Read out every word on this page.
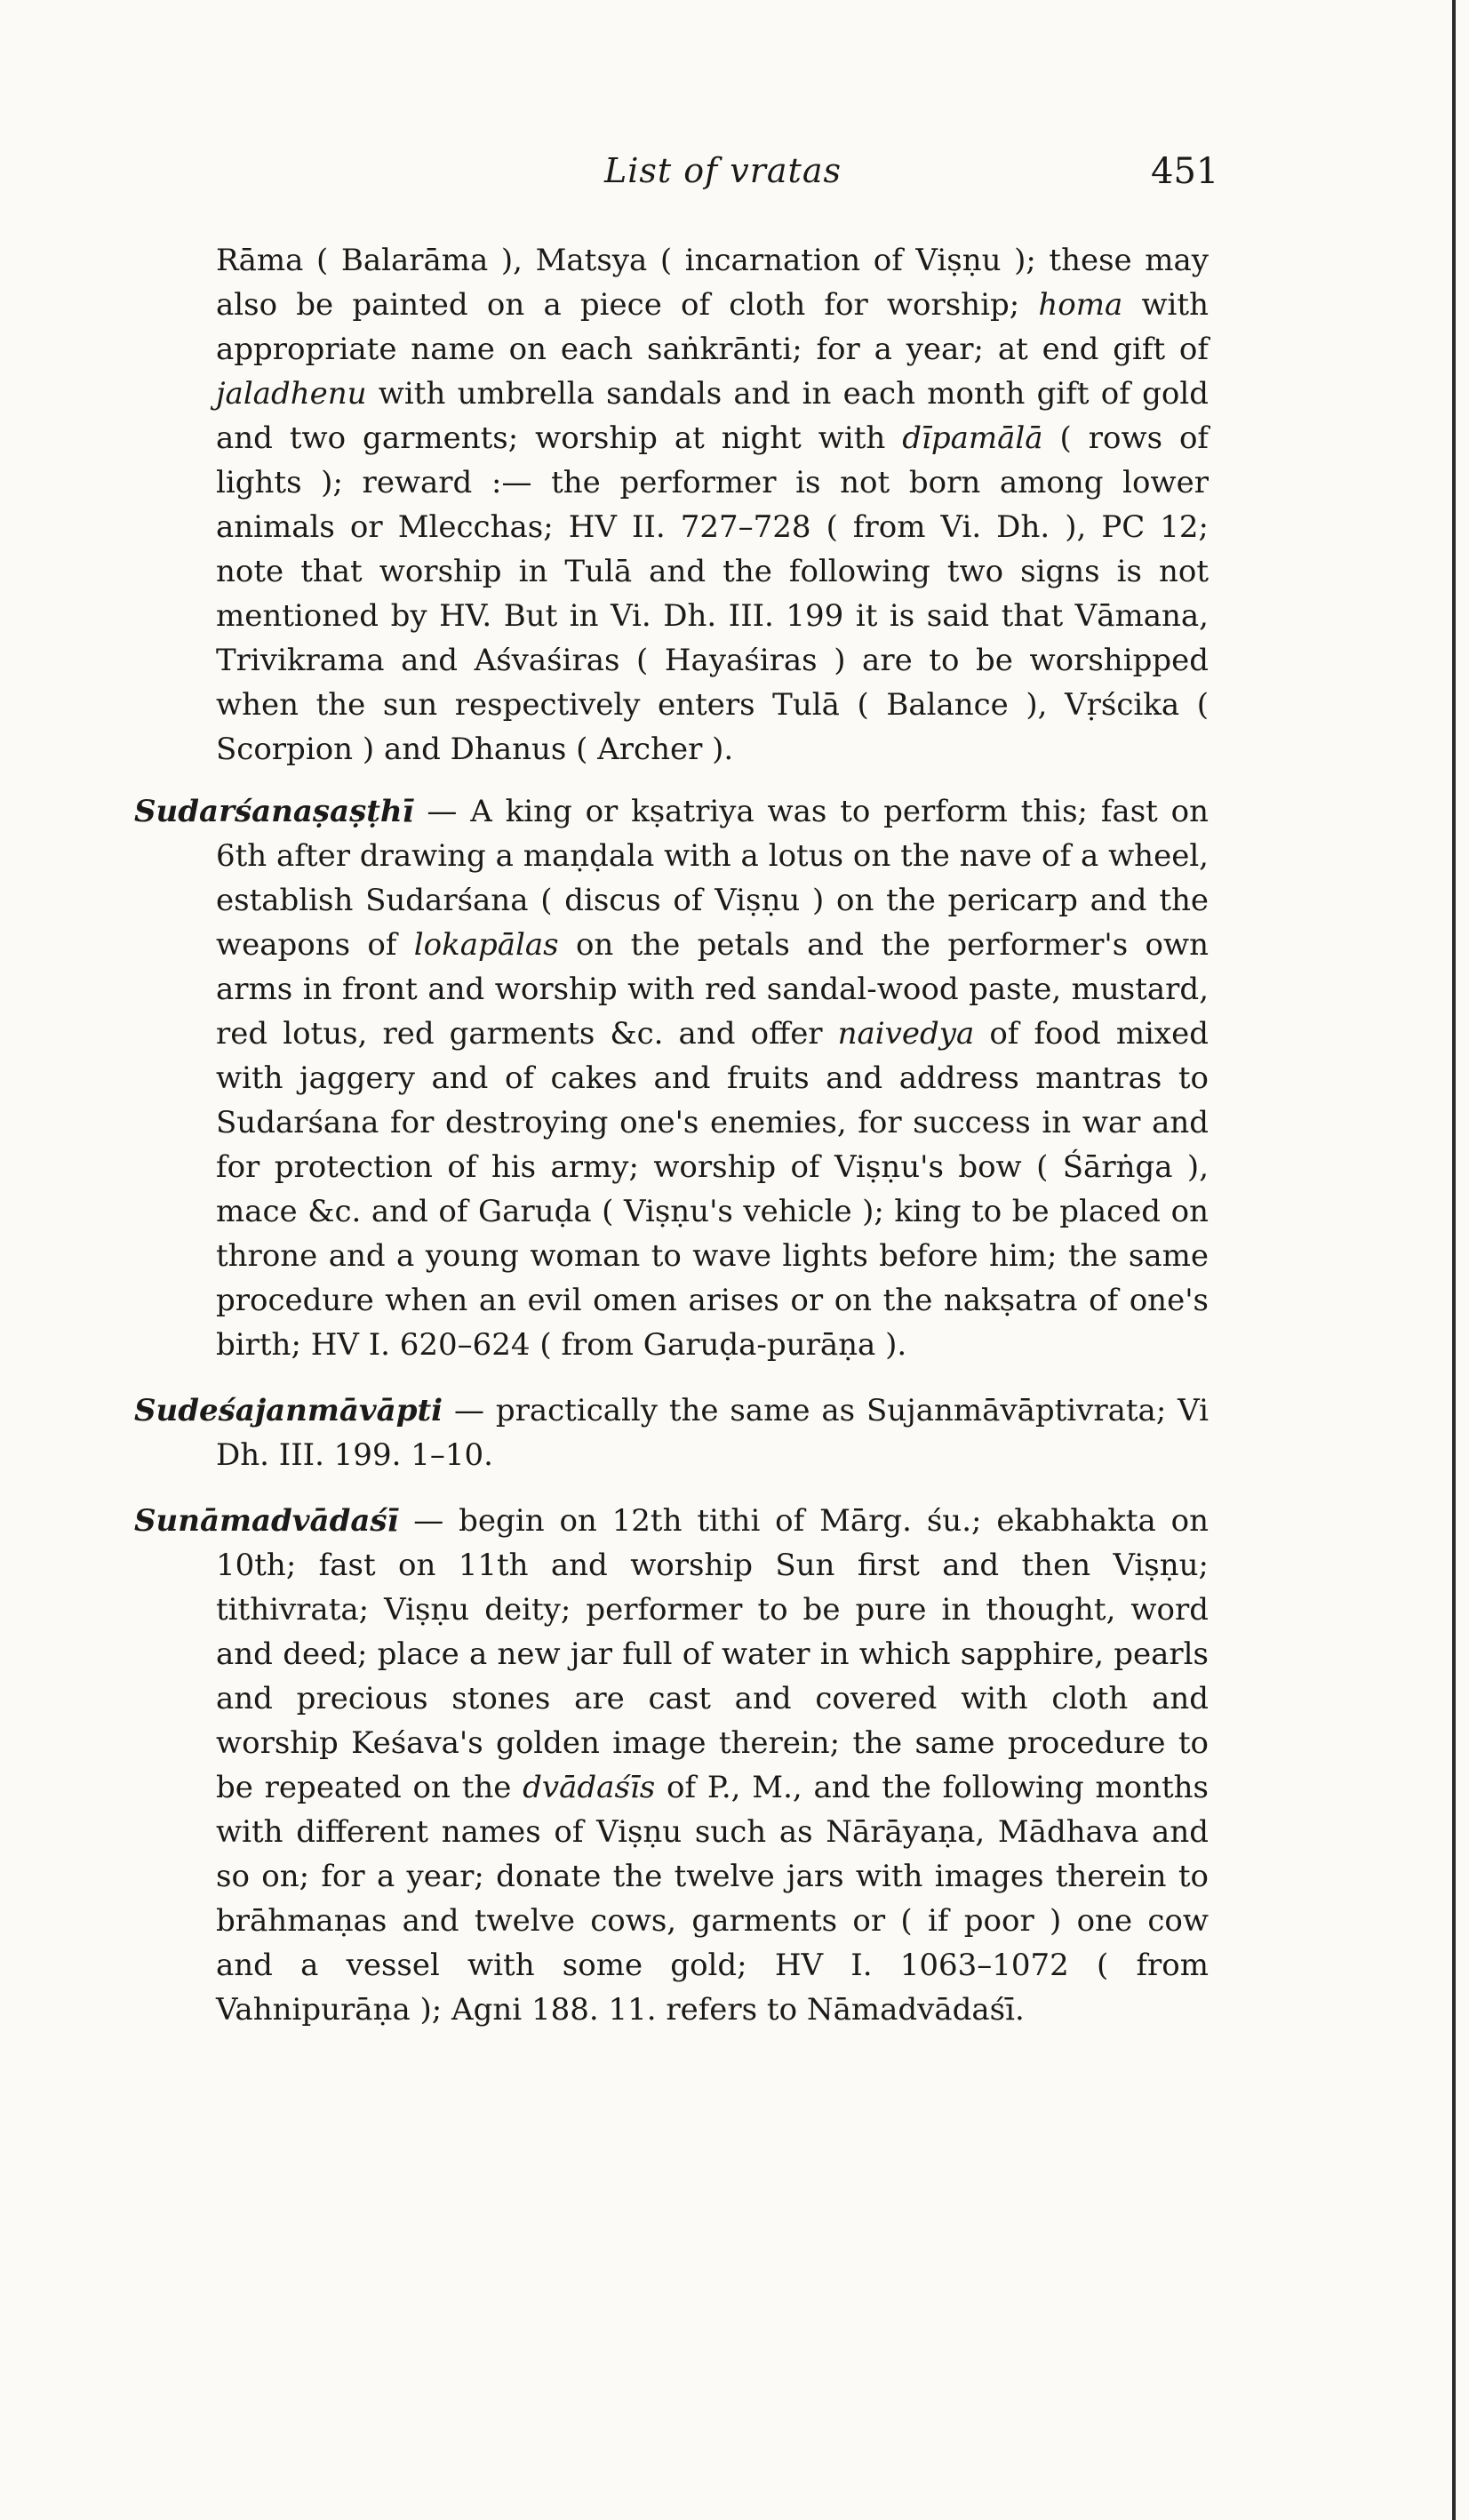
List of vratas	451

Rāma ( Balarāma ), Matsya ( incarnation of Viṣṇu ); these may also be painted on a piece of cloth for worship; homa with appropriate name on each saṅkrānti; for a year; at end gift of jaladhenu with umbrella sandals and in each month gift of gold and two garments; worship at night with dīpamālā ( rows of lights ); reward :— the performer is not born among lower animals or Mlecchas; HV II. 727–728 ( from Vi. Dh. ), PC 12; note that worship in Tulā and the following two signs is not mentioned by HV. But in Vi. Dh. III. 199 it is said that Vāmana, Trivikrama and Aśvaśiras ( Hayaśiras ) are to be worshipped when the sun respectively enters Tulā ( Balance ), Vṛścika ( Scorpion ) and Dhanus ( Archer ).

Sudarśanaṣaṣṭhī — A king or kṣatriya was to perform this; fast on 6th after drawing a maṇḍala with a lotus on the nave of a wheel, establish Sudarśana ( discus of Viṣṇu ) on the pericarp and the weapons of lokapālas on the petals and the performer's own arms in front and worship with red sandal-wood paste, mustard, red lotus, red garments &c. and offer naivedya of food mixed with jaggery and of cakes and fruits and address mantras to Sudarśana for destroying one's enemies, for success in war and for protection of his army; worship of Viṣṇu's bow ( Śārṅga ), mace &c. and of Garuḍa ( Viṣṇu's vehicle ); king to be placed on throne and a young woman to wave lights before him; the same procedure when an evil omen arises or on the nakṣatra of one's birth; HV I. 620–624 ( from Garuḍa-purāṇa ).

Sudeśajanmāvāpti — practically the same as Sujanmāvāptivrata; Vi Dh. III. 199. 1–10.

Sunāmadvādaśī — begin on 12th tithi of Mārg. śu.; ekabhakta on 10th; fast on 11th and worship Sun first and then Viṣṇu; tithivrata; Viṣṇu deity; performer to be pure in thought, word and deed; place a new jar full of water in which sapphire, pearls and precious stones are cast and covered with cloth and worship Keśava's golden image therein; the same procedure to be repeated on the dvādaśīs of P., M., and the following months with different names of Viṣṇu such as Nārāyaṇa, Mādhava and so on; for a year; donate the twelve jars with images therein to brāhmaṇas and twelve cows, garments or ( if poor ) one cow and a vessel with some gold; HV I. 1063–1072 ( from Vahnipurāṇa ); Agni 188. 11. refers to Nāmadvādaśī.
